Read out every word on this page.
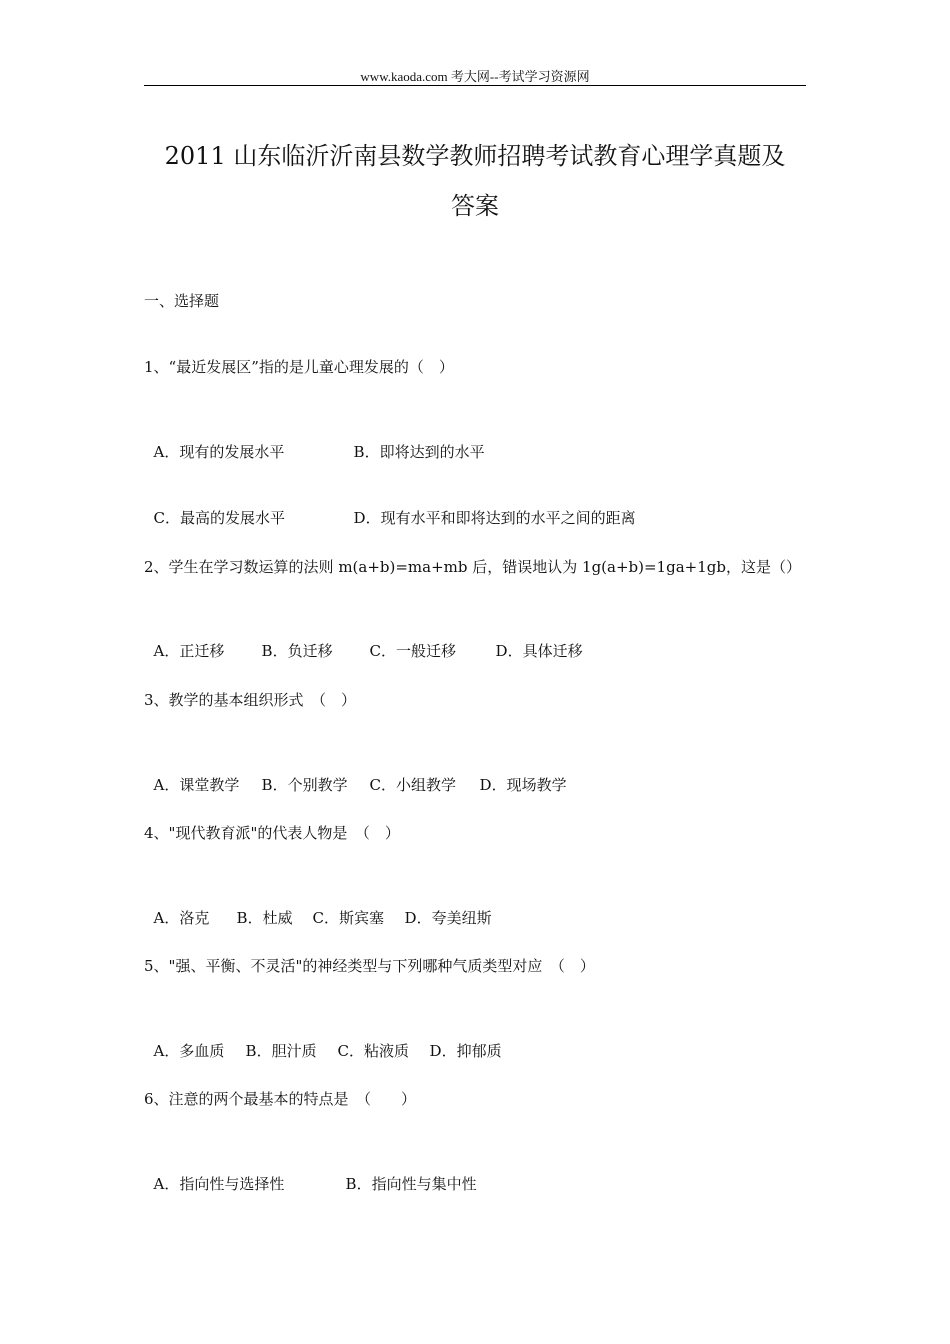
www.kaoda.com 考大网--考试学习资源网
2011 山东临沂沂南县数学教师招聘考试教育心理学真题及
答案
一、选择题
1、“最近发展区”指的是儿童心理发展的（　）

A．现有的发展水平	B．即将达到的水平

C．最高的发展水平	D．现有水平和即将达到的水平之间的距离

2、学生在学习数运算的法则 m(a+b)=ma+mb 后，错误地认为 1g(a+b)=1ga+1gb，这是（）

A．正迁移 B．负迁移 C．一般迁移	D．具体迁移

3、教学的基本组织形式　（　）

A．课堂教学 B．个别教学 C．小组教学 D．现场教学

4、"现代教育派"的代表人物是　（　）

A．洛克 B．杜威 C．斯宾塞 D．夸美纽斯

5、"强、平衡、不灵活"的神经类型与下列哪种气质类型对应　（　）

A．多血质 B．胆汁质 C．粘液质 D．抑郁质

6、注意的两个最基本的特点是　（　　）

A．指向性与选择性	B．指向性与集中性
